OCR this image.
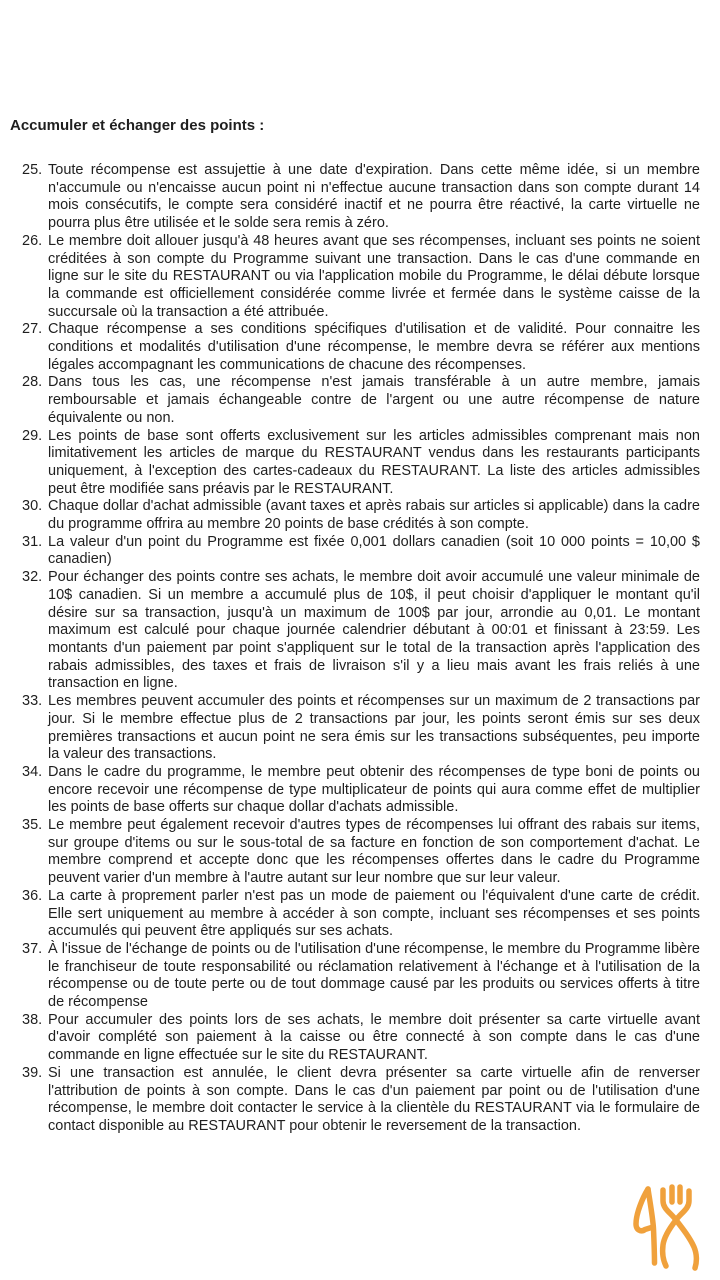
Accumuler et échanger des points :
25. Toute récompense est assujettie à une date d'expiration. Dans cette même idée, si un membre n'accumule ou n'encaisse aucun point ni n'effectue aucune transaction dans son compte durant 14 mois consécutifs, le compte sera considéré inactif et ne pourra être réactivé, la carte virtuelle ne pourra plus être utilisée et le solde sera remis à zéro.
26. Le membre doit allouer jusqu'à 48 heures avant que ses récompenses, incluant ses points ne soient créditées à son compte du Programme suivant une transaction. Dans le cas d'une commande en ligne sur le site du RESTAURANT ou via l'application mobile du Programme, le délai débute lorsque la commande est officiellement considérée comme livrée et fermée dans le système caisse de la succursale où la transaction a été attribuée.
27. Chaque récompense a ses conditions spécifiques d'utilisation et de validité. Pour connaitre les conditions et modalités d'utilisation d'une récompense, le membre devra se référer aux mentions légales accompagnant les communications de chacune des récompenses.
28. Dans tous les cas, une récompense n'est jamais transférable à un autre membre, jamais remboursable et jamais échangeable contre de l'argent ou une autre récompense de nature équivalente ou non.
29. Les points de base sont offerts exclusivement sur les articles admissibles comprenant mais non limitativement les articles de marque du RESTAURANT vendus dans les restaurants participants uniquement, à l'exception des cartes-cadeaux du RESTAURANT. La liste des articles admissibles peut être modifiée sans préavis par le RESTAURANT.
30. Chaque dollar d'achat admissible (avant taxes et après rabais sur articles si applicable) dans la cadre du programme offrira au membre 20 points de base crédités à son compte.
31. La valeur d'un point du Programme est fixée 0,001 dollars canadien (soit 10 000 points = 10,00 $ canadien)
32. Pour échanger des points contre ses achats, le membre doit avoir accumulé une valeur minimale de 10$ canadien. Si un membre a accumulé plus de 10$, il peut choisir d'appliquer le montant qu'il désire sur sa transaction, jusqu'à un maximum de 100$ par jour, arrondie au 0,01. Le montant maximum est calculé pour chaque journée calendrier débutant à 00:01 et finissant à 23:59. Les montants d'un paiement par point s'appliquent sur le total de la transaction après l'application des rabais admissibles, des taxes et frais de livraison s'il y a lieu mais avant les frais reliés à une transaction en ligne.
33. Les membres peuvent accumuler des points et récompenses sur un maximum de 2 transactions par jour. Si le membre effectue plus de 2 transactions par jour, les points seront émis sur ses deux premières transactions et aucun point ne sera émis sur les transactions subséquentes, peu importe la valeur des transactions.
34. Dans le cadre du programme, le membre peut obtenir des récompenses de type boni de points ou encore recevoir une récompense de type multiplicateur de points qui aura comme effet de multiplier les points de base offerts sur chaque dollar d'achats admissible.
35. Le membre peut également recevoir d'autres types de récompenses lui offrant des rabais sur items, sur groupe d'items ou sur le sous-total de sa facture en fonction de son comportement d'achat. Le membre comprend et accepte donc que les récompenses offertes dans le cadre du Programme peuvent varier d'un membre à l'autre autant sur leur nombre que sur leur valeur.
36. La carte à proprement parler n'est pas un mode de paiement ou l'équivalent d'une carte de crédit. Elle sert uniquement au membre à accéder à son compte, incluant ses récompenses et ses points accumulés qui peuvent être appliqués sur ses achats.
37. À l'issue de l'échange de points ou de l'utilisation d'une récompense, le membre du Programme libère le franchiseur de toute responsabilité ou réclamation relativement à l'échange et à l'utilisation de la récompense ou de toute perte ou de tout dommage causé par les produits ou services offerts à titre de récompense
38. Pour accumuler des points lors de ses achats, le membre doit présenter sa carte virtuelle avant d'avoir complété son paiement à la caisse ou être connecté à son compte dans le cas d'une commande en ligne effectuée sur le site du RESTAURANT.
39. Si une transaction est annulée, le client devra présenter sa carte virtuelle afin de renverser l'attribution de points à son compte. Dans le cas d'un paiement par point ou de l'utilisation d'une récompense, le membre doit contacter le service à la clientèle du RESTAURANT via le formulaire de contact disponible au RESTAURANT pour obtenir le reversement de la transaction.
